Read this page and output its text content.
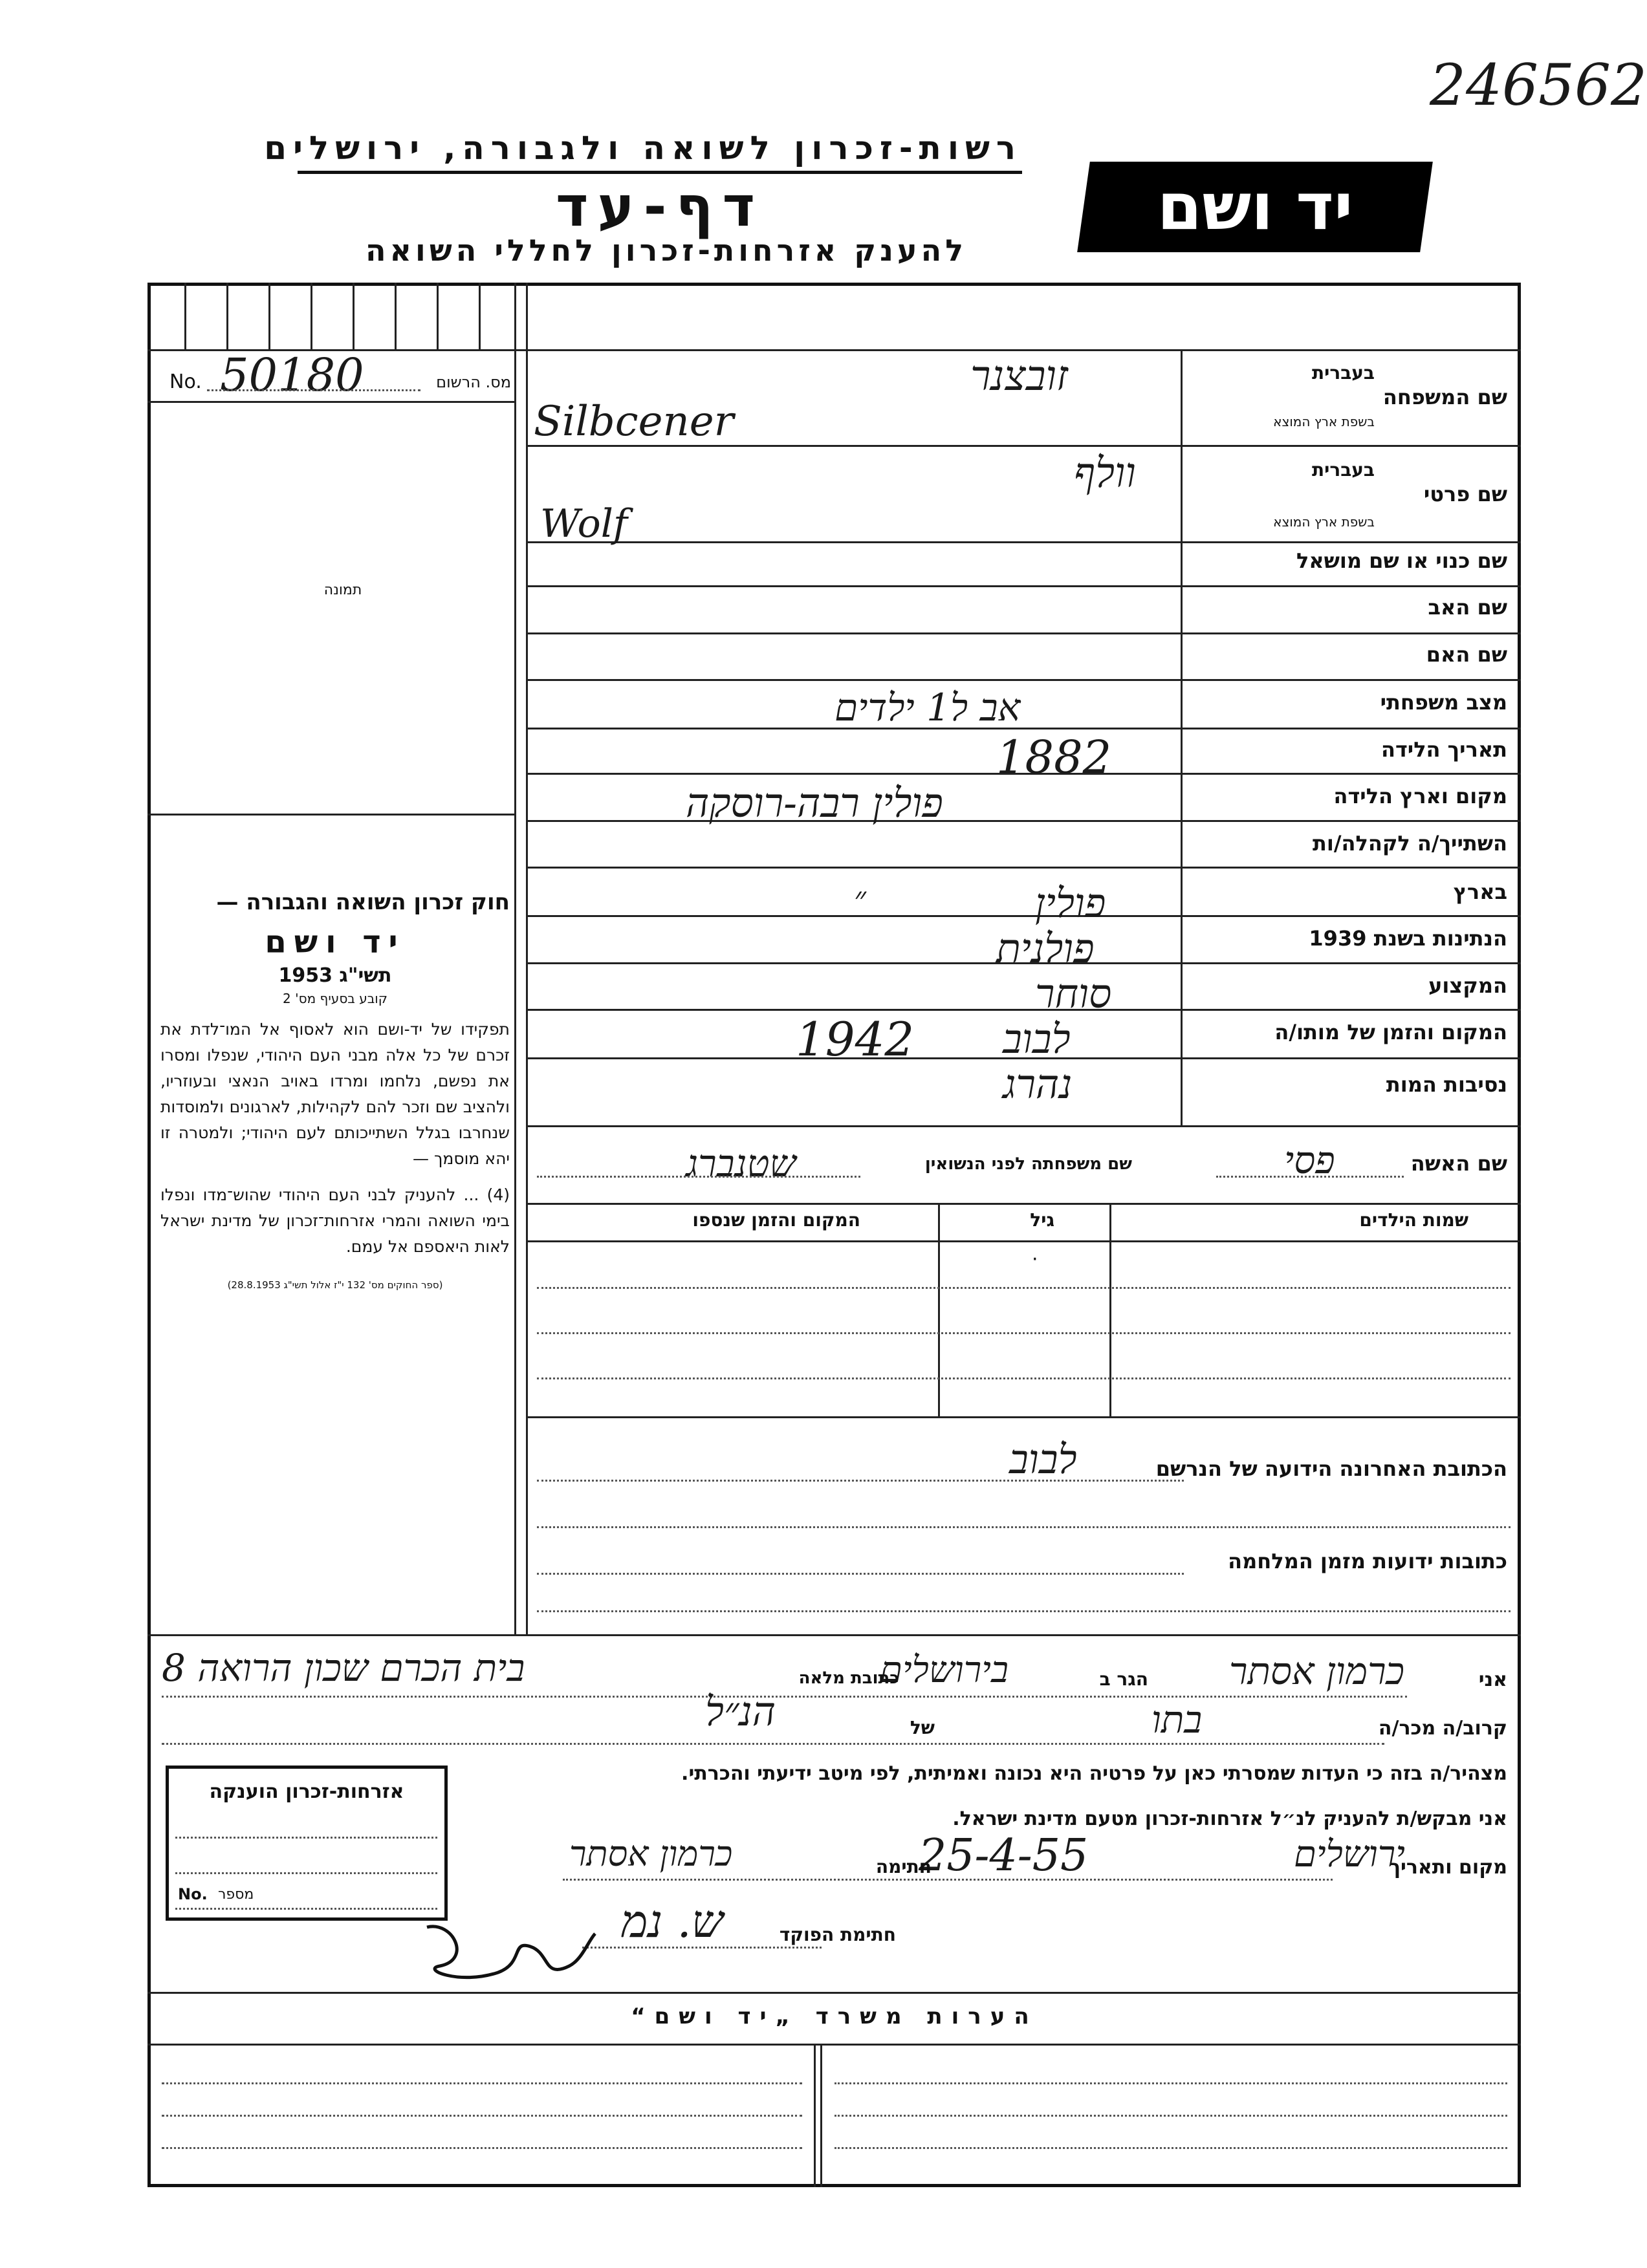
246562
רשות-זכרון לשואה ולגבורה, ירושלים
דף-עד
להענק אזרחות-זכרון לחללי השואה
יד ושם
No. 50180	מס. הרשום
תמונה
חוק זכרון השואה והגבורה —
יד ושם
תשי"ג 1953
קובע בסעיף מס' 2
תפקידו של יד-ושם הוא לאסוף אל המו־לדת את זכרם של כל אלה מבני העם היהודי, שנפלו ומסרו את נפשם, נלחמו ומרדו באויב הנאצי ובעוזריו, ולהציב שם וזכר להם לקהילות, לארגונים ולמוסדות שנחרבו בגלל השתייכותם לעם היהודי; ולמטרה זו יהא מוסמך —
(4) ... להעניק לבני העם היהודי שהוש־מדו ונפלו בימי השואה והמרי אזרחות־זכרון של מדינת ישראל לאות היאספם אל עמם.
(ספר החוקים מס' 132 י"ז אלול תשי"ג 28.8.1953)
שם המשפחה
בעברית
בשפת ארץ המוצא
זובצנר
Silbcener
שם פרטי
בעברית
בשפת ארץ המוצא
וולף
Wolf
שם כנוי או שם מושאל
שם האב
שם האם
מצב משפחתי
אב ל1 ילדים
תאריך הלידה
1882
מקום וארץ הלידה
פולין רבה-רוסקה
השתייך/ה לקהלה/ות
״	בארץ
פולין
הנתינות בשנת 1939
פולנית
המקצוע
סוחר
המקום והזמן של מותו/ה
1942 לבוב
נסיבות המות
נהרג
שם האשה
פסי
שם משפחתה לפני הנשואין
שטנברג
שמות הילדים
גיל
המקום והזמן שנספו
·
הכתובת האחרונה הידועה של הנרשם
לבוב
כתובות ידועות מזמן המלחמה
אני
כרמון אסתר
הגר ב
בירושלים
כתובת מלאה
בית הכרם שכון הרואה 8
קרוב/ה מכר/ה
בתו
של
הנ״ל
מצהיר/ה בזה כי העדות שמסרתי כאן על פרטיה היא נכונה ואמיתית, לפי מיטב ידיעתי והכרתי.
אני מבקש/ת להעניק לנ״ל אזרחות-זכרון מטעם מדינת ישראל.
מקום ותאריך
ירושלים
25-4-55
חתימה
כרמון אסתר
חתימת הפוקד
ש. נמ
אזרחות-זכרון הוענקה
No. מספר
הערות משרד „יד ושם“
